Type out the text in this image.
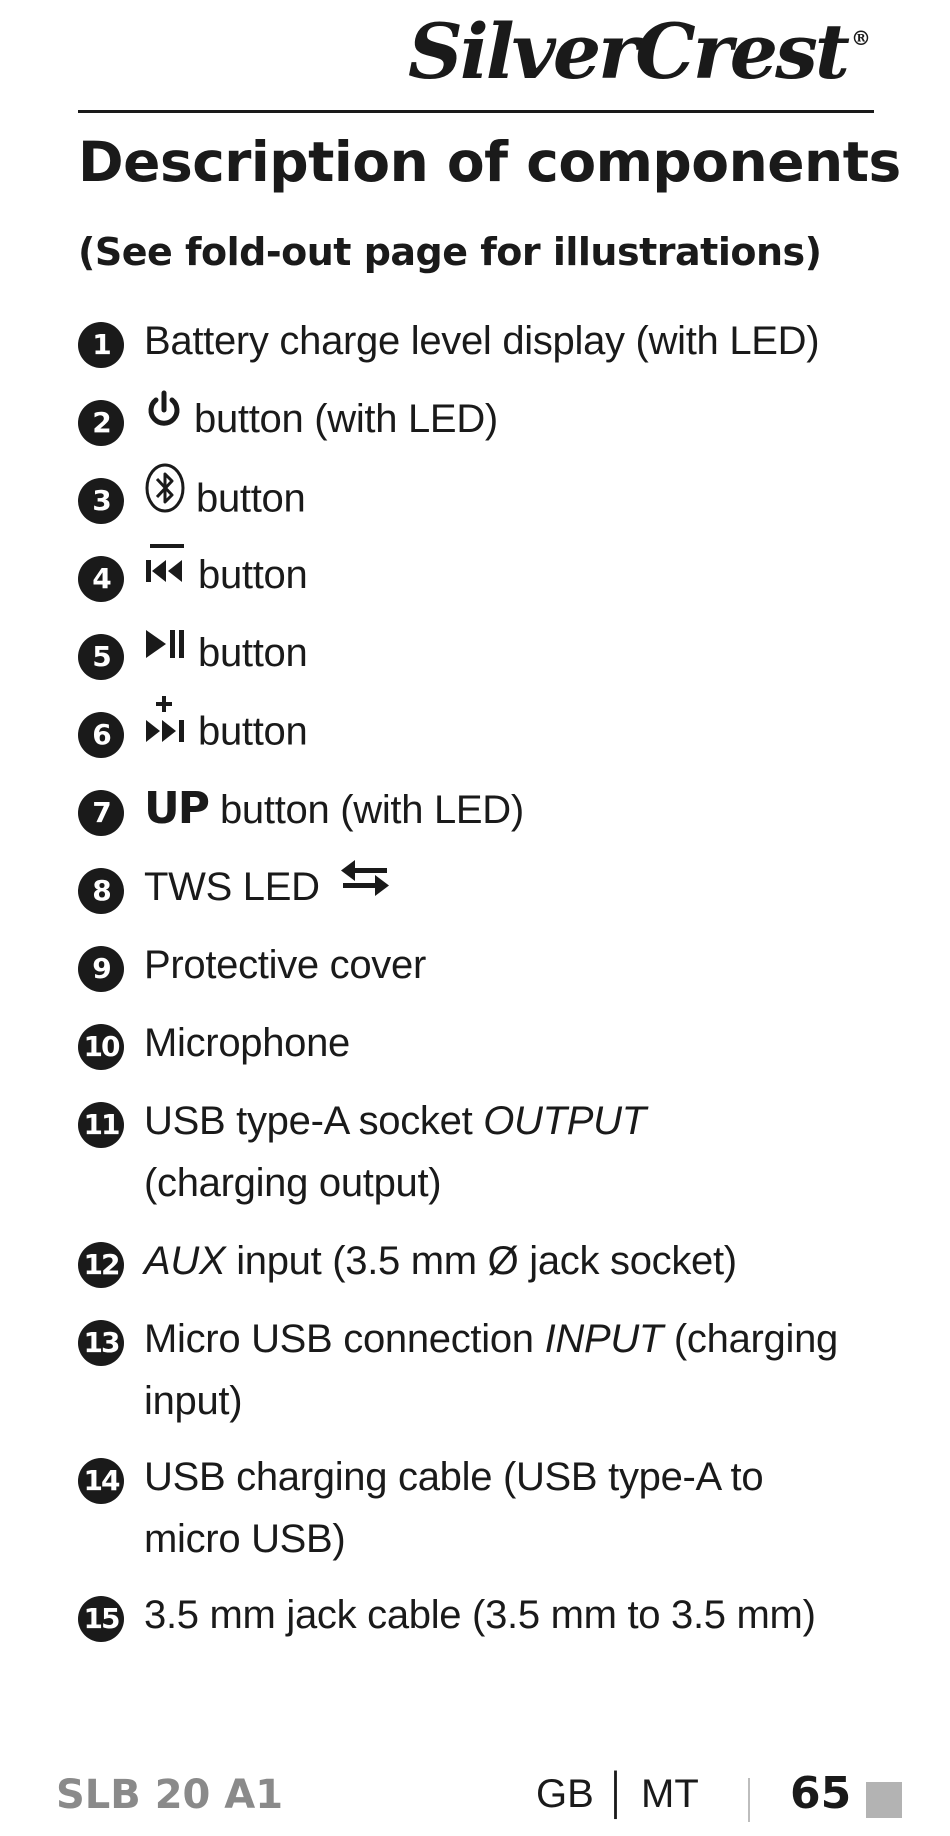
SilverCrest ®
Description of components
(See fold-out page for illustrations)
1 Battery charge level display (with LED)
2	button (with LED)
3	button
4	button
5	button
6	button
7 UP button (with LED)
8 TWS LED
9 Protective cover
10 Microphone
11 USB type-A socket OUTPUT
(charging output)
12 AUX input (3.5 mm Ø jack socket)
13 Micro USB connection INPUT (charging
input)
14 USB charging cable (USB type-A to
micro USB)
15 3.5 mm jack cable (3.5 mm to 3.5 mm)
SLB 20 A1	GB │ MT 65
